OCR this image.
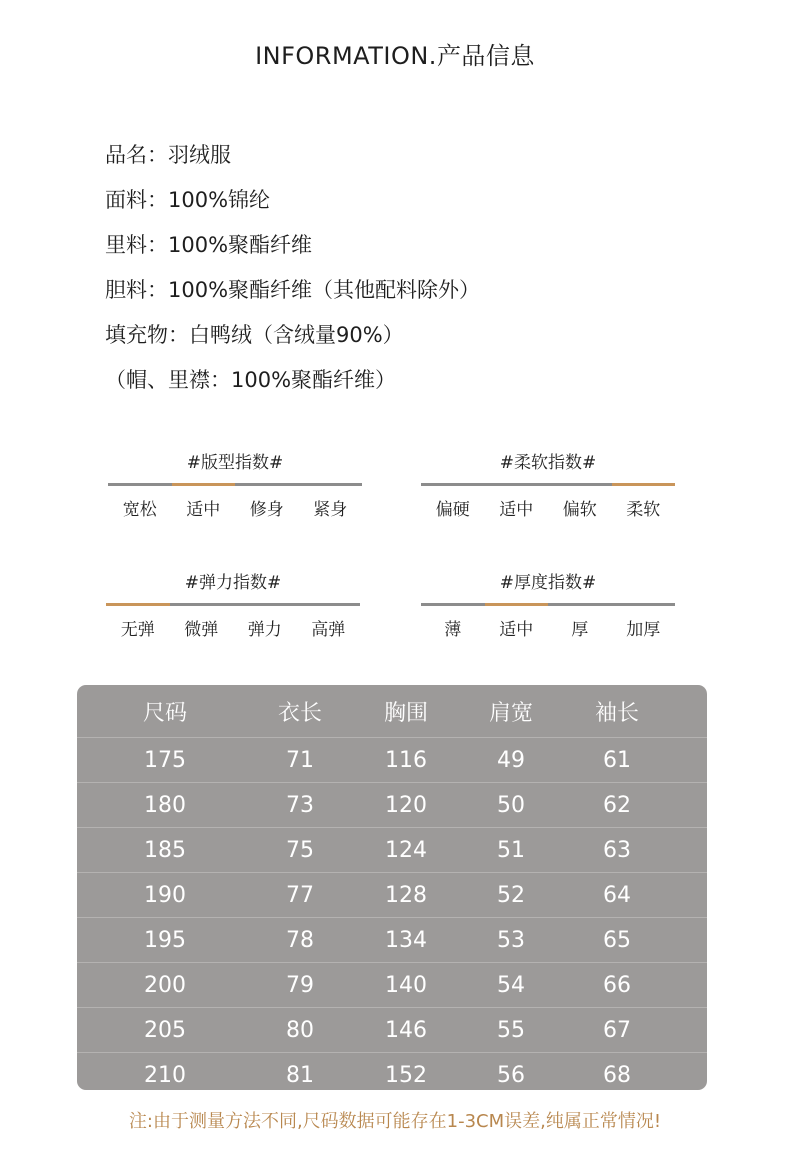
INFORMATION.产品信息
品名：羽绒服
面料：100%锦纶
里料：100%聚酯纤维
胆料：100%聚酯纤维（其他配料除外）
填充物：白鸭绒（含绒量90%）
（帽、里襟：100%聚酯纤维）
#版型指数#
宽松	适中	修身	紧身
#柔软指数#
偏硬	适中	偏软	柔软
#弹力指数#
无弹	微弹	弹力	高弹
#厚度指数#
薄	适中	厚	加厚
尺码	衣长	胸围	肩宽	袖长
175	71	116	49	61
180	73	120	50	62
185	75	124	51	63
190	77	128	52	64
195	78	134	53	65
200	79	140	54	66
205	80	146	55	67
210	81	152	56	68
注:由于测量方法不同,尺码数据可能存在1-3CM误差,纯属正常情况!
